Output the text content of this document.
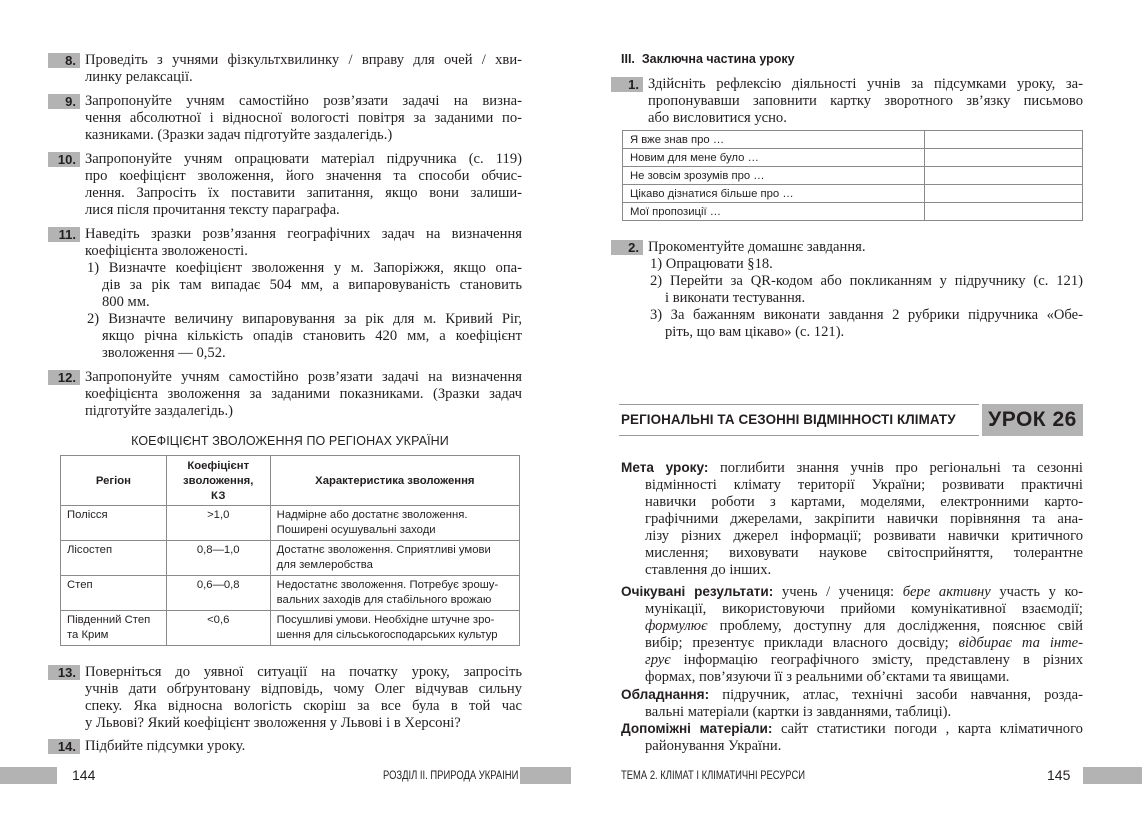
8. Проведіть з учнями фізкультхвилинку / вправу для очей / хви-
линку релаксації.
9. Запропонуйте учням самостійно розв’язати задачі на визна-
чення абсолютної і відносної вологості повітря за заданими по-
казниками. (Зразки задач підготуйте заздалегідь.)
10. Запропонуйте учням опрацювати матеріал підручника (с. 119)
про коефіцієнт зволоження, його значення та способи обчис-
лення. Запросіть їх поставити запитання, якщо вони залиши-
лися після прочитання тексту параграфа.
11. Наведіть зразки розв’язання географічних задач на визначення
коефіцієнта зволоженості.
1) Визначте коефіцієнт зволоження у м. Запоріжжя, якщо опа-
дів за рік там випадає 504 мм, а випаровуваність становить
800 мм.
2) Визначте величину випаровування за рік для м. Кривий Ріг,
якщо річна кількість опадів становить 420 мм, а коефіцієнт
зволоження — 0,52.
12. Запропонуйте учням самостійно розв’язати задачі на визначення
коефіцієнта зволоження за заданими показниками. (Зразки задач
підготуйте заздалегідь.)
КОЕФІЦІЄНТ ЗВОЛОЖЕННЯ ПО РЕГІОНАХ УКРАЇНИ
Регіон	Коефіцієнт
зволоження,
КЗ	Характеристика зволоження
Полісся	>1,0	Надмірне або достатнє зволоження.
Поширені осушувальні заходи
Лісостеп	0,8—1,0	Достатнє зволоження. Сприятливі умови
для землеробства
Степ	0,6—0,8	Недостатнє зволоження. Потребує зрошу-
вальних заходів для стабільного врожаю
Південний Степ
та Крим	<0,6	Посушливі умови. Необхідне штучне зро-
шення для сільськогосподарських культур
13. Поверніться до уявної ситуації на початку уроку, запросіть
учнів дати обґрунтовану відповідь, чому Олег відчував сильну
спеку. Яка відносна вологість скоріш за все була в той час
у Львові? Який коефіцієнт зволоження у Львові і в Херсоні?
14. Підбийте підсумки уроку.
144	РОЗДІЛ ІІ. ПРИРОДА УКРАЇНИ
ІІІ.  Заключна частина уроку
1. Здійсніть рефлексію діяльності учнів за підсумками уроку, за-
пропонувавши заповнити картку зворотного зв’язку письмово
або висловитися усно.
Я вже знав про …	
Новим для мене було …	
Не зовсім зрозумів про …	
Цікаво дізнатися більше про …	
Мої пропозиції …	
2. Прокоментуйте домашнє завдання.
1) Опрацювати §18.
2) Перейти за QR-кодом або покликанням у підручнику (с. 121)
і виконати тестування.
3) За бажанням виконати завдання 2 рубрики підручника «Обе-
ріть, що вам цікаво» (с. 121).
РЕГІОНАЛЬНІ ТА СЕЗОННІ ВІДМІННОСТІ КЛІМАТУ УРОК 26
Мета уроку: поглибити знання учнів про регіональні та сезонні
відмінності клімату території України; розвивати практичні
навички роботи з картами, моделями, електронними карто-
графічними джерелами, закріпити навички порівняння та ана-
лізу різних джерел інформації; розвивати навички критичного
мислення; виховувати наукове світосприйняття, толерантне
ставлення до інших.
Очікувані результати: учень / учениця: бере активну участь у ко-
мунікації, використовуючи прийоми комунікативної взаємодії;
формулює проблему, доступну для дослідження, пояснює свій
вибір; презентує приклади власного досвіду; відбирає та інте-
грує інформацію географічного змісту, представлену в різних
формах, пов’язуючи її з реальними об’єктами та явищами.
Обладнання: підручник, атлас, технічні засоби навчання, розда-
вальні матеріали (картки із завданнями, таблиці).
Допоміжні матеріали: сайт статистики погоди , карта кліматичного
районування України.
ТЕМА 2. КЛІМАТ І КЛІМАТИЧНІ РЕСУРСИ	145
